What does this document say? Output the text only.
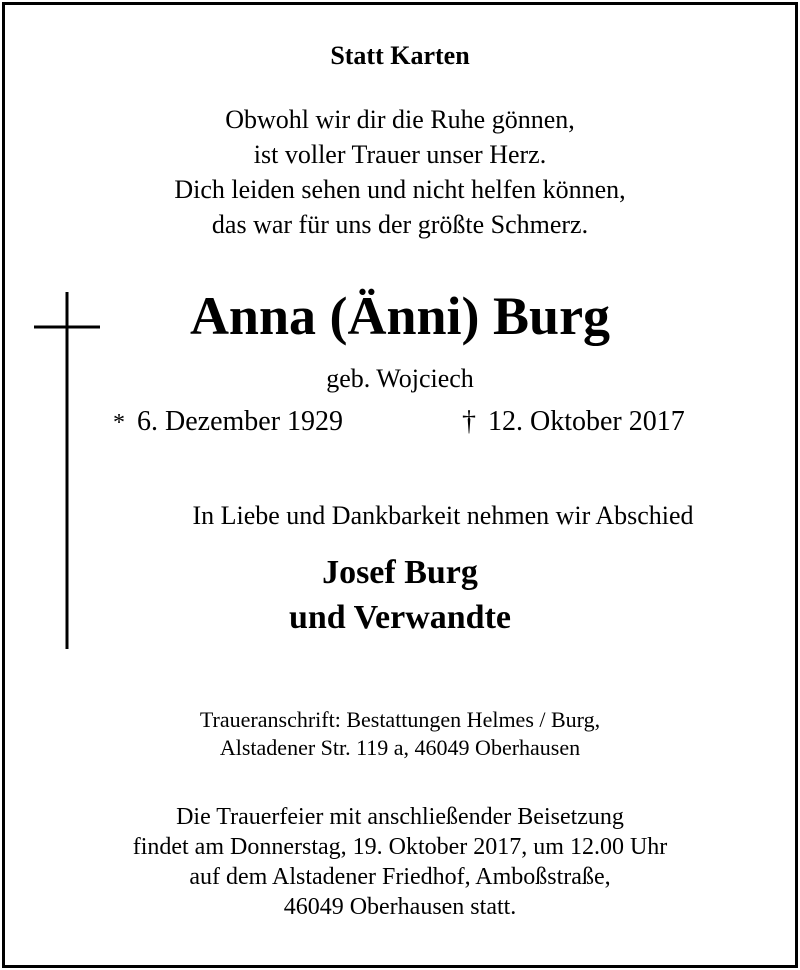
Statt Karten
Obwohl wir dir die Ruhe gönnen,
ist voller Trauer unser Herz.
Dich leiden sehen und nicht helfen können,
das war für uns der größte Schmerz.
Anna (Änni) Burg
geb. Wojciech
* 6. Dezember 1929	† 12. Oktober 2017
In Liebe und Dankbarkeit nehmen wir Abschied
Josef Burg
und Verwandte
Traueranschrift: Bestattungen Helmes / Burg,
Alstadener Str. 119 a, 46049 Oberhausen
Die Trauerfeier mit anschließender Beisetzung
findet am Donnerstag, 19. Oktober 2017, um 12.00 Uhr
auf dem Alstadener Friedhof, Amboßstraße,
46049 Oberhausen statt.
